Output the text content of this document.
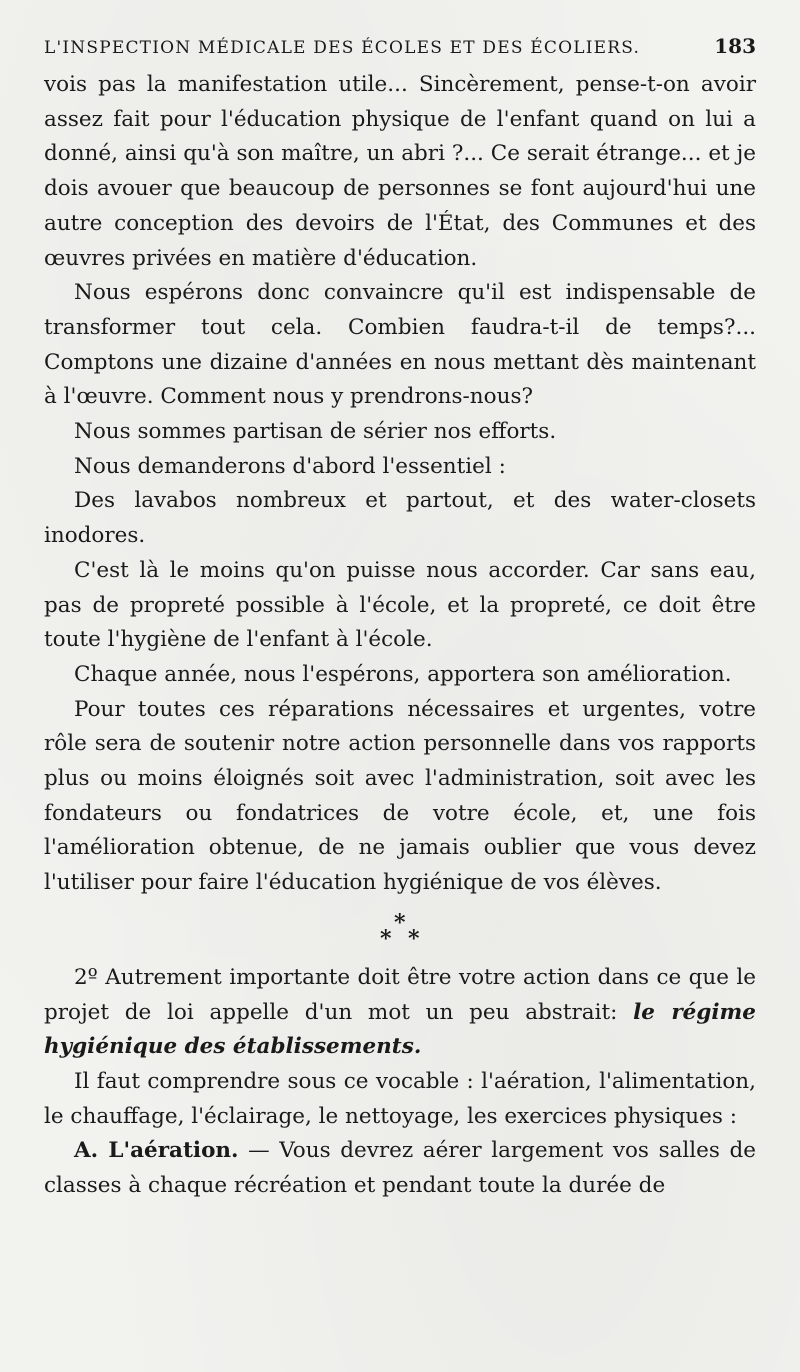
L'INSPECTION MÉDICALE DES ÉCOLES ET DES ÉCOLIERS.	183

vois pas la manifestation utile... Sincèrement, pense-t-on avoir assez fait pour l'éducation physique de l'enfant quand on lui a donné, ainsi qu'à son maître, un abri ?... Ce serait étrange... et je dois avouer que beaucoup de personnes se font aujourd'hui une autre conception des devoirs de l'État, des Communes et des œuvres privées en matière d'éducation.

Nous espérons donc convaincre qu'il est indispensable de transformer tout cela. Combien faudra-t-il de temps?... Comptons une dizaine d'années en nous mettant dès maintenant à l'œuvre. Comment nous y prendrons-nous?

Nous sommes partisan de sérier nos efforts.

Nous demanderons d'abord l'essentiel :

Des lavabos nombreux et partout, et des water-closets inodores.

C'est là le moins qu'on puisse nous accorder. Car sans eau, pas de propreté possible à l'école, et la propreté, ce doit être toute l'hygiène de l'enfant à l'école.

Chaque année, nous l'espérons, apportera son amélioration.

Pour toutes ces réparations nécessaires et urgentes, votre rôle sera de soutenir notre action personnelle dans vos rapports plus ou moins éloignés soit avec l'administration, soit avec les fondateurs ou fondatrices de votre école, et, une fois l'amélioration obtenue, de ne jamais oublier que vous devez l'utiliser pour faire l'éducation hygiénique de vos élèves.

*
* *

2º Autrement importante doit être votre action dans ce que le projet de loi appelle d'un mot un peu abstrait: le régime hygiénique des établissements.

Il faut comprendre sous ce vocable : l'aération, l'alimentation, le chauffage, l'éclairage, le nettoyage, les exercices physiques :

A. L'aération. — Vous devrez aérer largement vos salles de classes à chaque récréation et pendant toute la durée de
